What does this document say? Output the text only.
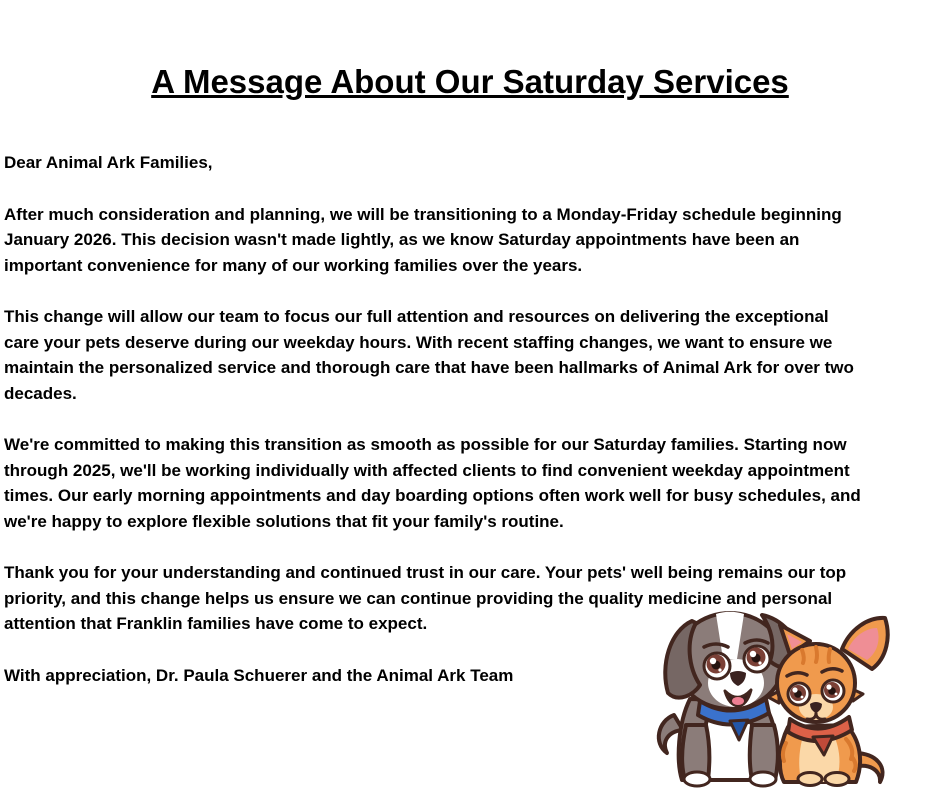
A Message About Our Saturday Services

Dear Animal Ark Families,

After much consideration and planning, we will be transitioning to a Monday-Friday schedule beginning
January 2026. This decision wasn't made lightly, as we know Saturday appointments have been an
important convenience for many of our working families over the years.
This change will allow our team to focus our full attention and resources on delivering the exceptional
care your pets deserve during our weekday hours. With recent staffing changes, we want to ensure we
maintain the personalized service and thorough care that have been hallmarks of Animal Ark for over two
decades.
We're committed to making this transition as smooth as possible for our Saturday families. Starting now
through 2025, we'll be working individually with affected clients to find convenient weekday appointment
times. Our early morning appointments and day boarding options often work well for busy schedules, and
we're happy to explore flexible solutions that fit your family's routine.
Thank you for your understanding and continued trust in our care. Your pets' well being remains our top
priority, and this change helps us ensure we can continue providing the quality medicine and personal
attention that Franklin families have come to expect.

With appreciation, Dr. Paula Schuerer and the Animal Ark Team
